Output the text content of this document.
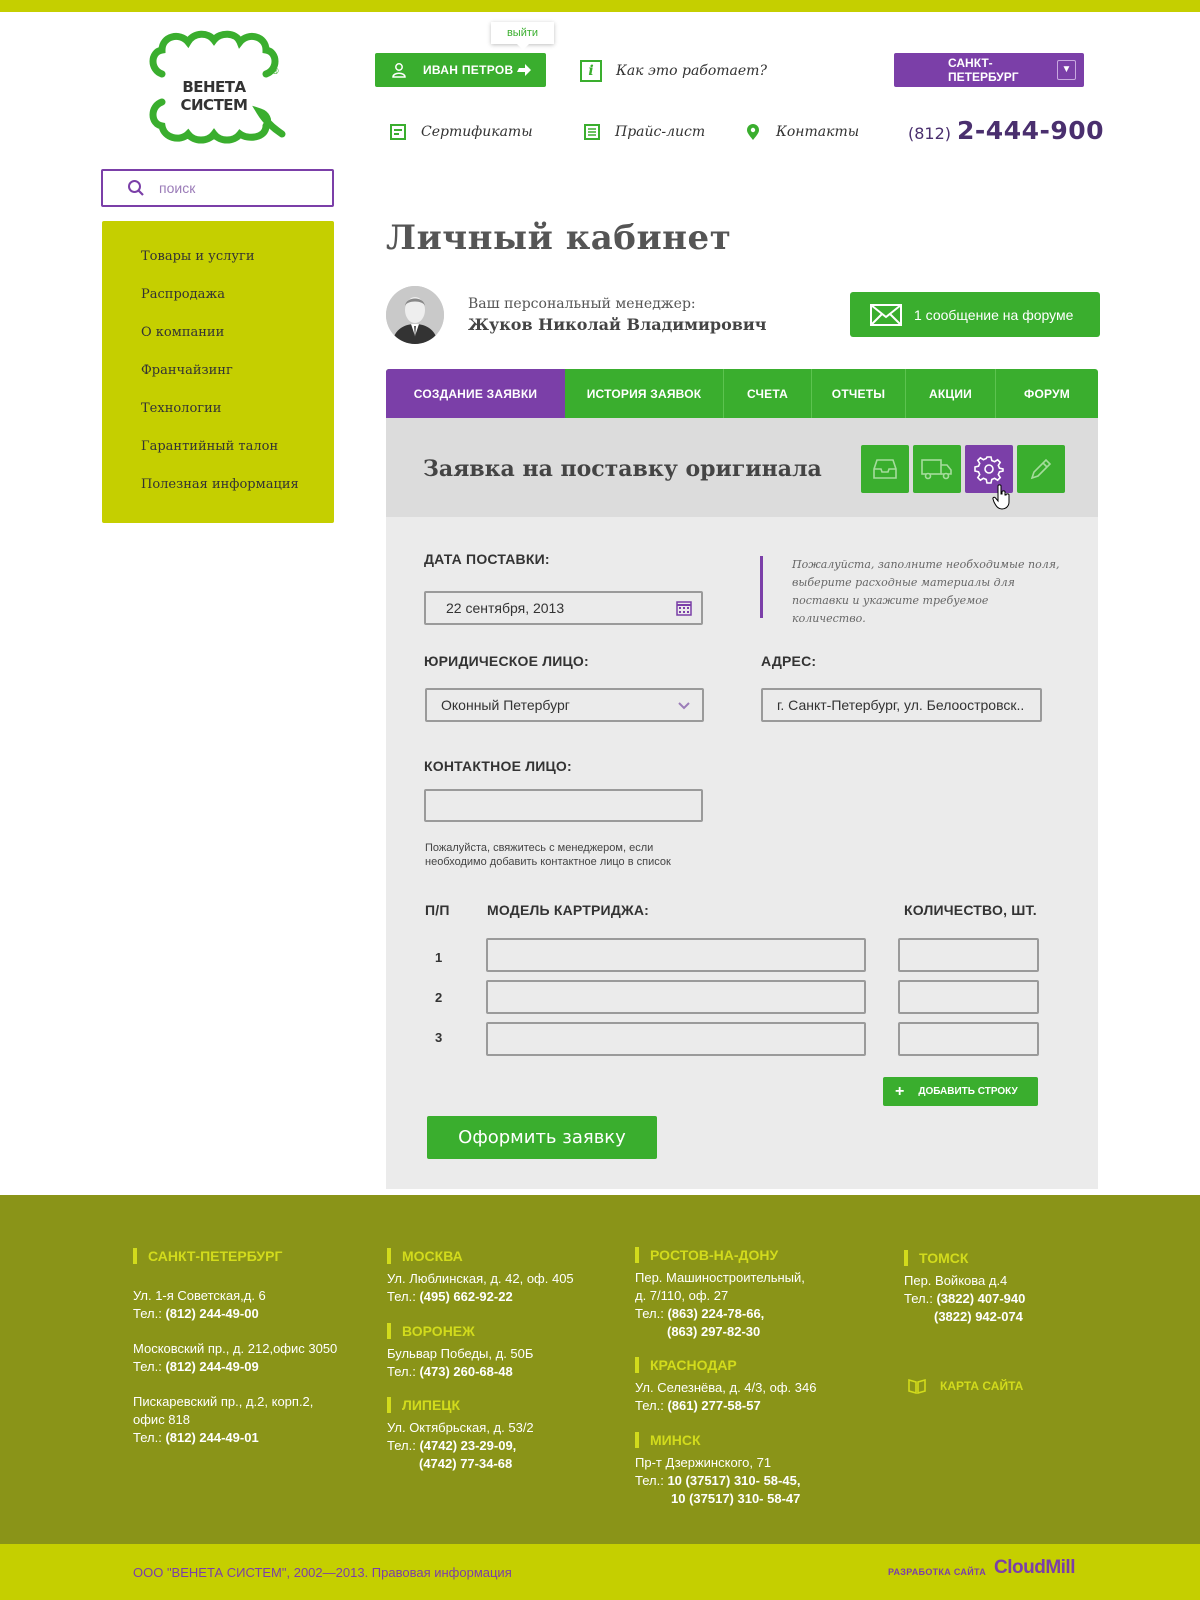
ВЕНЕТА СИСТЕМ
®
выйти
ИВАН ПЕТРОВ	i	Как это работает?	САНКТ-ПЕТЕРБУРГ
▼
Сертификаты	Прайс-лист	Контакты	(812) 2-444-900
поиск
Товары и услуги
Распродажа
О компании
Франчайзинг
Технологии
Гарантийный талон
Полезная информация
Личный кабинет
Ваш персональный менеджер:
Жуков Николай Владимирович
1 сообщение на форуме
СОЗДАНИЕ ЗАЯВКИ	ИСТОРИЯ ЗАЯВОК	СЧЕТА	ОТЧЕТЫ	АКЦИИ	ФОРУМ
Заявка на поставку оригинала
ДАТА ПОСТАВКИ:
22 сентября, 2013
Пожалуйста, заполните необходимые поля, выберите расходные материалы для поставки и укажите требуемое количество.
ЮРИДИЧЕСКОЕ ЛИЦО:
Оконный Петербург
АДРЕС:
г. Санкт-Петербург, ул. Белоостровск..
КОНТАКТНОЕ ЛИЦО:
Пожалуйста, свяжитесь с менеджером, если необходимо добавить контактное лицо в список
П/П	МОДЕЛЬ КАРТРИДЖА:	КОЛИЧЕСТВО, ШТ.
1
2
3
+ ДОБАВИТЬ СТРОКУ
Оформить заявку
САНКТ-ПЕТЕРБУРГ
Ул. 1-я Советская,д. 6
Тел.: (812) 244-49-00
Московский пр., д. 212,офис 3050
Тел.: (812) 244-49-09
Пискаревский пр., д.2, корп.2,
офис 818
Тел.: (812) 244-49-01
МОСКВА
Ул. Люблинская, д. 42, оф. 405
Тел.: (495) 662-92-22
ВОРОНЕЖ
Бульвар Победы, д. 50Б
Тел.: (473) 260-68-48
ЛИПЕЦК
Ул. Октябрьская, д. 53/2
Тел.: (4742) 23-29-09,
(4742) 77-34-68
РОСТОВ-НА-ДОНУ
Пер. Машиностроительный,
д. 7/110, оф. 27
Тел.: (863) 224-78-66,
(863) 297-82-30
КРАСНОДАР
Ул. Селезнёва, д. 4/3, оф. 346
Тел.: (861) 277-58-57
МИНСК
Пр-т Дзержинского, 71
Тел.: 10 (37517) 310- 58-45,
10 (37517) 310- 58-47
ТОМСК
Пер. Войкова д.4
Тел.: (3822) 407-940
(3822) 942-074
КАРТА САЙТА
ООО "ВЕНЕТА СИСТЕМ", 2002—2013. Правовая информация	РАЗРАБОТКА САЙТА CloudMill
